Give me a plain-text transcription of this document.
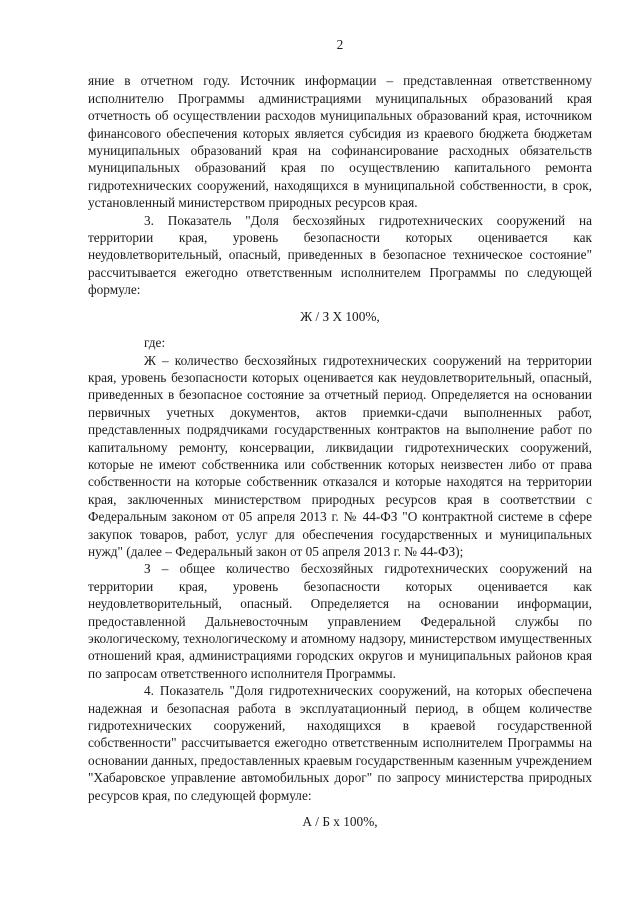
2

яние в отчетном году. Источник информации – представленная ответственному исполнителю Программы администрациями муниципальных образований края отчетность об осуществлении расходов муниципальных образований края, источником финансового обеспечения которых является субсидия из краевого бюджета бюджетам муниципальных образований края на софинансирование расходных обязательств муниципальных образований края по осуществлению капитального ремонта гидротехнических сооружений, находящихся в муниципальной собственности, в срок, установленный министерством природных ресурсов края.

3. Показатель "Доля бесхозяйных гидротехнических сооружений на территории края, уровень безопасности которых оценивается как неудовлетворительный, опасный, приведенных в безопасное техническое состояние" рассчитывается ежегодно ответственным исполнителем Программы по следующей формуле:

Ж / З Х 100%,

где:

Ж – количество бесхозяйных гидротехнических сооружений на территории края, уровень безопасности которых оценивается как неудовлетворительный, опасный, приведенных в безопасное состояние за отчетный период. Определяется на основании первичных учетных документов, актов приемки-сдачи выполненных работ, представленных подрядчиками государственных контрактов на выполнение работ по капитальному ремонту, консервации, ликвидации гидротехнических сооружений, которые не имеют собственника или собственник которых неизвестен либо от права собственности на которые собственник отказался и которые находятся на территории края, заключенных министерством природных ресурсов края в соответствии с Федеральным законом от 05 апреля 2013 г. № 44-ФЗ "О контрактной системе в сфере закупок товаров, работ, услуг для обеспечения государственных и муниципальных нужд" (далее – Федеральный закон от 05 апреля 2013 г. № 44-ФЗ);

З – общее количество бесхозяйных гидротехнических сооружений на территории края, уровень безопасности которых оценивается как неудовлетворительный, опасный. Определяется на основании информации, предоставленной Дальневосточным управлением Федеральной службы по экологическому, технологическому и атомному надзору, министерством имущественных отношений края, администрациями городских округов и муниципальных районов края по запросам ответственного исполнителя Программы.

4. Показатель "Доля гидротехнических сооружений, на которых обеспечена надежная и безопасная работа в эксплуатационный период, в общем количестве гидротехнических сооружений, находящихся в краевой государственной собственности" рассчитывается ежегодно ответственным исполнителем Программы на основании данных, предоставленных краевым государственным казенным учреждением "Хабаровское управление автомобильных дорог" по запросу министерства природных ресурсов края, по следующей формуле:

А / Б х 100%,
